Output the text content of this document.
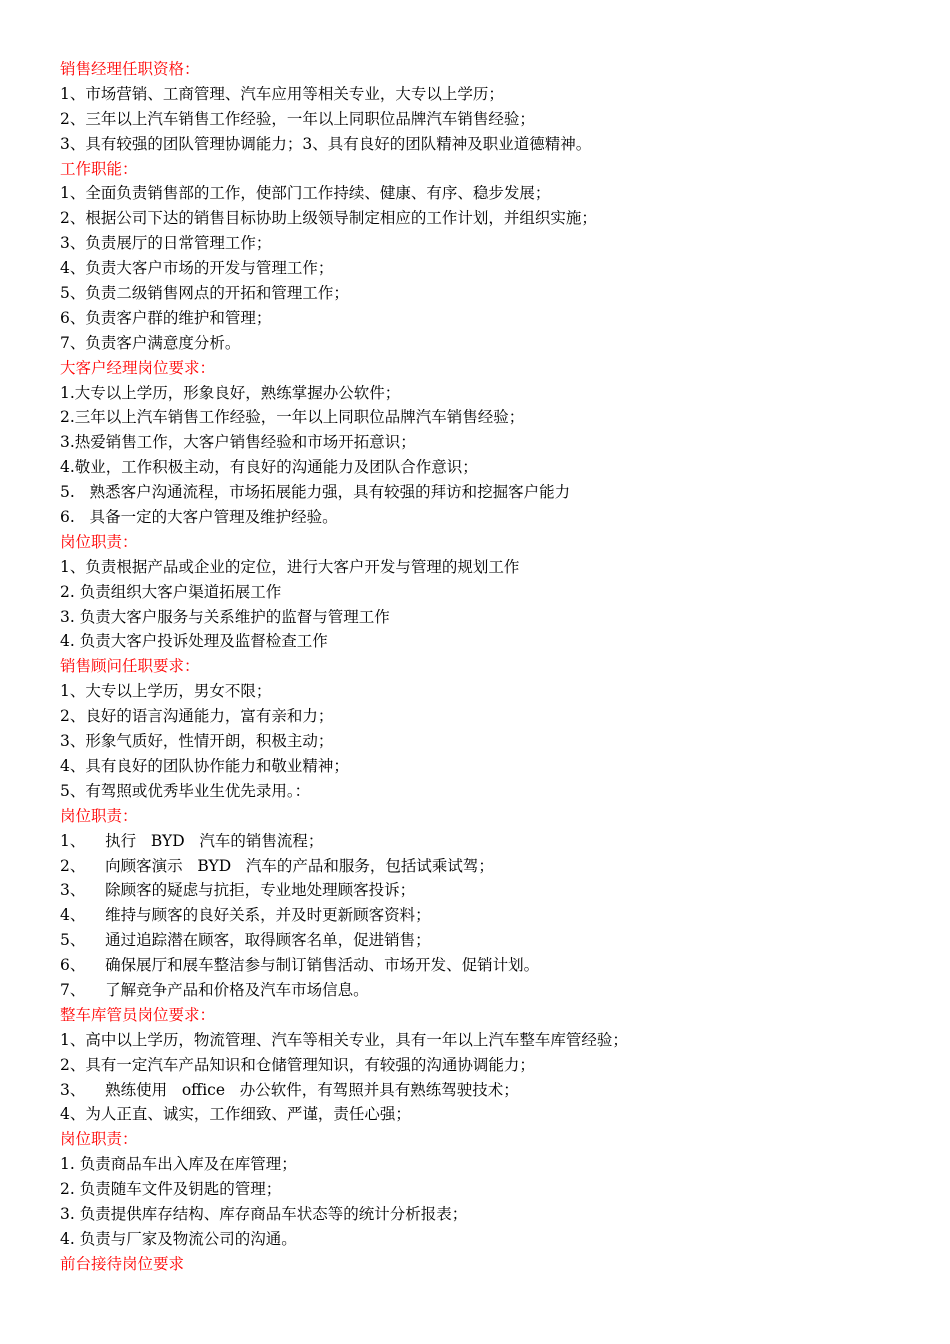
销售经理任职资格：
1、市场营销、工商管理、汽车应用等相关专业，大专以上学历；
2、三年以上汽车销售工作经验，一年以上同职位品牌汽车销售经验；
3、具有较强的团队管理协调能力；3、具有良好的团队精神及职业道德精神。
工作职能：
1、全面负责销售部的工作，使部门工作持续、健康、有序、稳步发展；
2、根据公司下达的销售目标协助上级领导制定相应的工作计划，并组织实施；
3、负责展厅的日常管理工作；
4、负责大客户市场的开发与管理工作；
5、负责二级销售网点的开拓和管理工作；
6、负责客户群的维护和管理；
7、负责客户满意度分析。
大客户经理岗位要求：
1.大专以上学历，形象良好，熟练掌握办公软件；
2.三年以上汽车销售工作经验，一年以上同职位品牌汽车销售经验；
3.热爱销售工作，大客户销售经验和市场开拓意识；
4.敬业，工作积极主动，有良好的沟通能力及团队合作意识；
5.   熟悉客户沟通流程，市场拓展能力强，具有较强的拜访和挖掘客户能力
6.   具备一定的大客户管理及维护经验。
岗位职责：
1、负责根据产品或企业的定位，进行大客户开发与管理的规划工作
2. 负责组织大客户渠道拓展工作
3. 负责大客户服务与关系维护的监督与管理工作
4. 负责大客户投诉处理及监督检查工作
销售顾问任职要求：
1、大专以上学历，男女不限；
2、良好的语言沟通能力，富有亲和力；
3、形象气质好，性情开朗，积极主动；
4、具有良好的团队协作能力和敬业精神；
5、有驾照或优秀毕业生优先录用。：
岗位职责：
1、    执行   BYD   汽车的销售流程；
2、    向顾客演示   BYD   汽车的产品和服务，包括试乘试驾；
3、    除顾客的疑虑与抗拒，专业地处理顾客投诉；
4、    维持与顾客的良好关系，并及时更新顾客资料；
5、    通过追踪潜在顾客，取得顾客名单，促进销售；
6、    确保展厅和展车整洁参与制订销售活动、市场开发、促销计划。
7、    了解竞争产品和价格及汽车市场信息。
整车库管员岗位要求：
1、高中以上学历，物流管理、汽车等相关专业，具有一年以上汽车整车库管经验；
2、具有一定汽车产品知识和仓储管理知识，有较强的沟通协调能力；
3、    熟练使用   office   办公软件，有驾照并具有熟练驾驶技术；
4、为人正直、诚实，工作细致、严谨，责任心强；
岗位职责：
1. 负责商品车出入库及在库管理；
2. 负责随车文件及钥匙的管理；
3. 负责提供库存结构、库存商品车状态等的统计分析报表；
4. 负责与厂家及物流公司的沟通。
前台接待岗位要求
